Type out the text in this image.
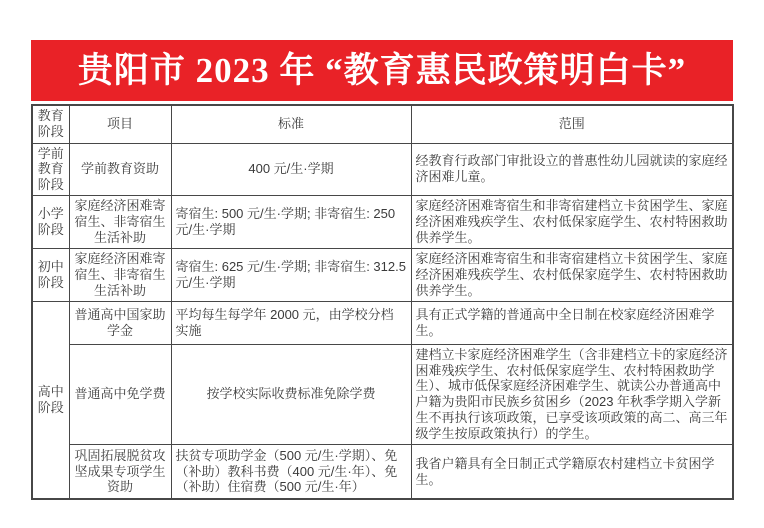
贵阳市 2023 年 “教育惠民政策明白卡”
教育阶段	项目	标准	范围
学前教育阶段	学前教育资助	400 元/生·学期	经教育行政部门审批设立的普惠性幼儿园就读的家庭经济困难儿童。
小学阶段	家庭经济困难寄宿生、非寄宿生生活补助	寄宿生: 500 元/生·学期; 非寄宿生: 250 元/生·学期	家庭经济困难寄宿生和非寄宿建档立卡贫困学生、家庭经济困难残疾学生、农村低保家庭学生、农村特困救助供养学生。
初中阶段	家庭经济困难寄宿生、非寄宿生生活补助	寄宿生: 625 元/生·学期; 非寄宿生: 312.5 元/生·学期	家庭经济困难寄宿生和非寄宿建档立卡贫困学生、家庭经济困难残疾学生、农村低保家庭学生、农村特困救助供养学生。
高中阶段	普通高中国家助学金	平均每生每学年 2000 元，由学校分档实施	具有正式学籍的普通高中全日制在校家庭经济困难学生。
	普通高中免学费	按学校实际收费标准免除学费	建档立卡家庭经济困难学生（含非建档立卡的家庭经济困难残疾学生、农村低保家庭学生、农村特困救助学生）、城市低保家庭经济困难学生、就读公办普通高中户籍为贵阳市民族乡贫困乡（2023 年秋季学期入学新生不再执行该项政策，已享受该项政策的高二、高三年级学生按原政策执行）的学生。
	巩固拓展脱贫攻坚成果专项学生资助	扶贫专项助学金（500 元/生·学期）、免（补助）教科书费（400 元/生·年）、免（补助）住宿费（500 元/生·年）	我省户籍具有全日制正式学籍原农村建档立卡贫困学生。
